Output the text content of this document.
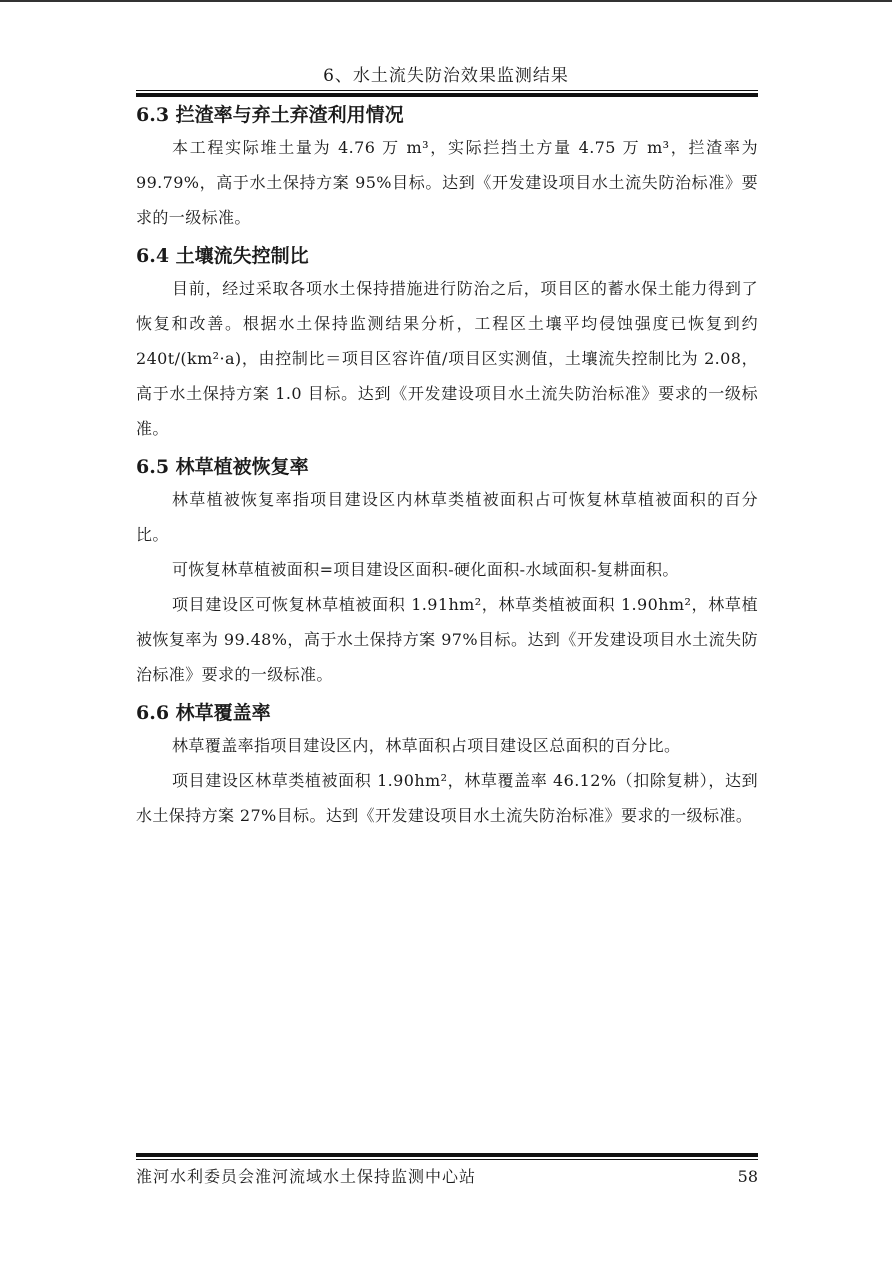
6、水土流失防治效果监测结果
6.3 拦渣率与弃土弃渣利用情况

本工程实际堆土量为 4.76 万 m³，实际拦挡土方量 4.75 万 m³，拦渣率为 99.79%，高于水土保持方案 95%目标。达到《开发建设项目水土流失防治标准》要求的一级标准。

6.4 土壤流失控制比

目前，经过采取各项水土保持措施进行防治之后，项目区的蓄水保土能力得到了恢复和改善。根据水土保持监测结果分析，工程区土壤平均侵蚀强度已恢复到约 240t/(km²·a)，由控制比＝项目区容许值/项目区实测值，土壤流失控制比为 2.08，高于水土保持方案 1.0 目标。达到《开发建设项目水土流失防治标准》要求的一级标准。

6.5 林草植被恢复率

林草植被恢复率指项目建设区内林草类植被面积占可恢复林草植被面积的百分比。

可恢复林草植被面积=项目建设区面积-硬化面积-水域面积-复耕面积。

项目建设区可恢复林草植被面积 1.91hm²，林草类植被面积 1.90hm²，林草植被恢复率为 99.48%，高于水土保持方案 97%目标。达到《开发建设项目水土流失防治标准》要求的一级标准。

6.6 林草覆盖率

林草覆盖率指项目建设区内，林草面积占项目建设区总面积的百分比。

项目建设区林草类植被面积 1.90hm²，林草覆盖率 46.12%（扣除复耕），达到水土保持方案 27%目标。达到《开发建设项目水土流失防治标准》要求的一级标准。

淮河水利委员会淮河流域水土保持监测中心站	58
